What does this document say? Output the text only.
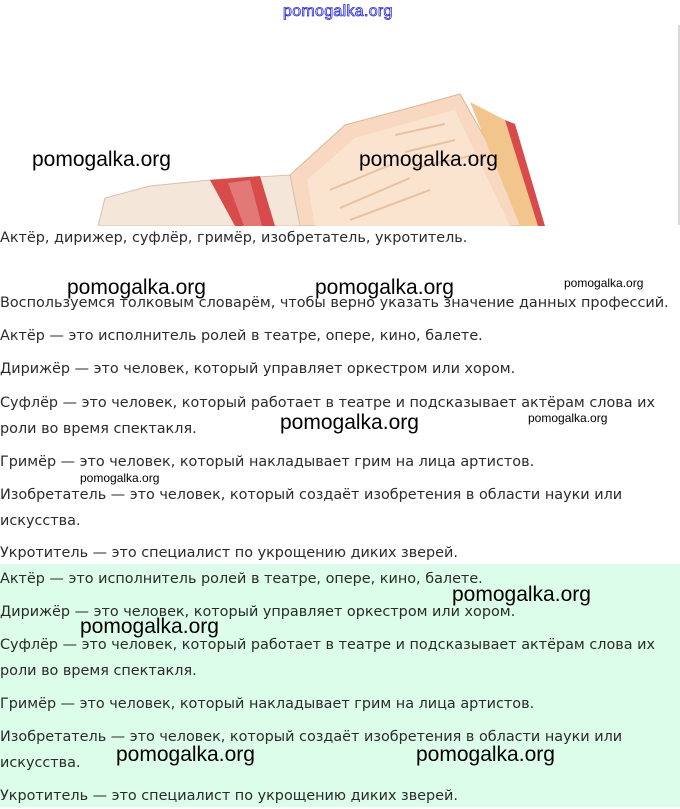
pomogalka.org
pomogalka.org	pomogalka.org

Актёр, дирижер, суфлёр, гримёр, изобретатель, укротитель.

pomogalka.org	pomogalka.org	pomogalka.org

Воспользуемся толковым словарём, чтобы верно указать значение данных профессий.

Актёр — это исполнитель ролей в театре, опере, кино, балете.

Дирижёр — это человек, который управляет оркестром или хором.

Суфлёр — это человек, который работает в театре и подсказывает актёрам слова их роли во время спектакля.	pomogalka.org	pomogalka.org

Гримёр — это человек, который накладывает грим на лица артистов.

pomogalka.org

Изобретатель — это человек, который создаёт изобретения в области науки или искусства.

Укротитель — это специалист по укрощению диких зверей.

Актёр — это исполнитель ролей в театре, опере, кино, балете.

pomogalka.org

Дирижёр — это человек, который управляет оркестром или хором.

pomogalka.org

Суфлёр — это человек, который работает в театре и подсказывает актёрам слова их роли во время спектакля.

Гримёр — это человек, который накладывает грим на лица артистов.

Изобретатель — это человек, который создаёт изобретения в области науки или искусства.	pomogalka.org	pomogalka.org

Укротитель — это специалист по укрощению диких зверей.
